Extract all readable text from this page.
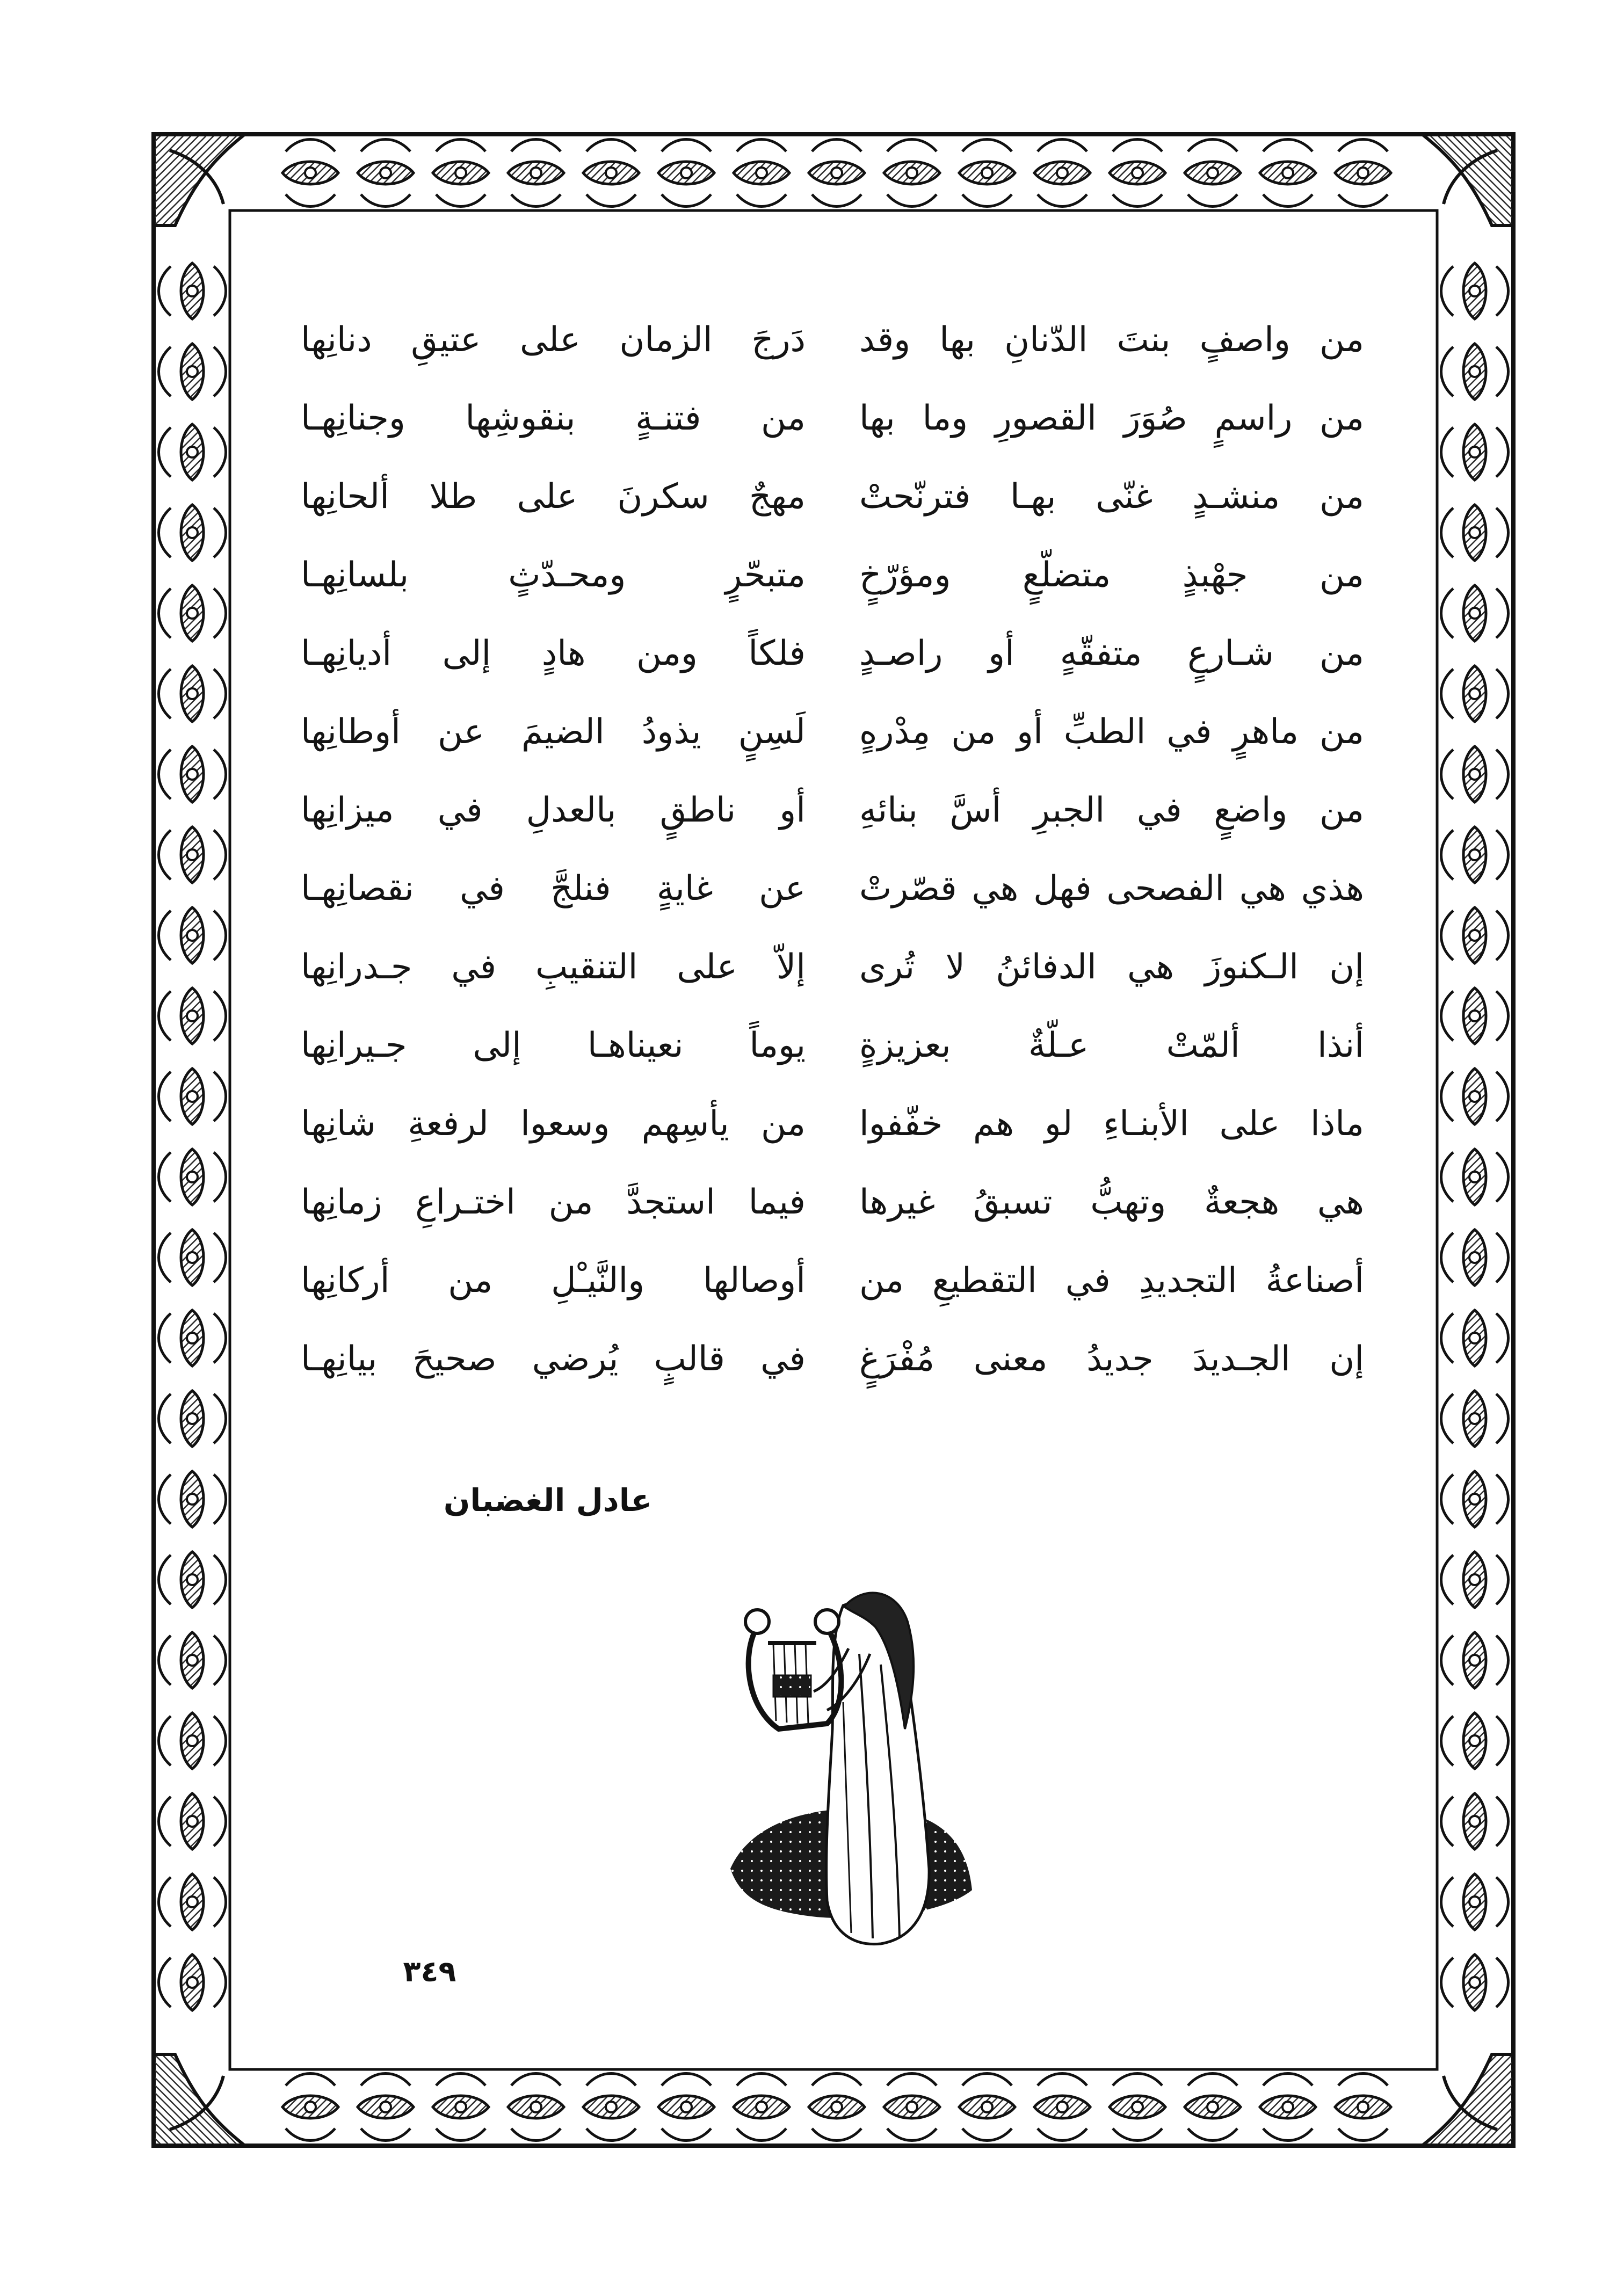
من واصفٍ بنتَ الدّنانِ بها وقد
دَرجَ الزمان على عتيقِ دنانِها
من راسمٍ صُوَرَ القصورِ وما بها
من فتنـةٍ بنقوشِها وجنانِهـا
من منشـدٍ غنّى بهـا فترنّحتْ
مهجٌ سكرنَ على طلا ألحانِها
من جهْبذٍ متضلّعٍ ومؤرّخٍ
متبحّرٍ ومحـدّثٍ بلسانِهـا
من شـارعٍ متفقّهٍ أو راصـدٍ
فلكاً ومن هادٍ إلى أديانِهـا
من ماهرٍ في الطبِّ أو من مِدْرهٍ
لَسِنٍ يذودُ الضيمَ عن أوطانِها
من واضعٍ في الجبرِ أسَّ بنائهِ
أو ناطقٍ بالعدلِ في ميزانِها
هذي هي الفصحى فهل هي قصّرتْ
عن غايةٍ فنلجَّ في نقصانِهـا
إن الـكنوزَ هي الدفائنُ لا تُرى
إلاّ على التنقيبِ في جـدرانِها
أنذا ألمّتْ عـلّةٌ بعزيزةٍ
يوماً نعيناهـا إلى جـيرانِها
ماذا على الأبنـاءِ لو هم خفّفوا
من يأسِهم وسعوا لرفعةِ شانِها
هي هجعةٌ وتهبُّ تسبقُ غيرها
فيما استجدَّ من اختـراعِ زمانِها
أصناعةُ التجديدِ في التقطيعِ من
أوصالها والنَّيـْلِ من أركانِها
إن الجـديدَ جديدُ معنى مُفْرَغٍ
في قالبٍ يُرضي صحيحَ بيانِهـا
عادل الغضبان
٣٤٩
